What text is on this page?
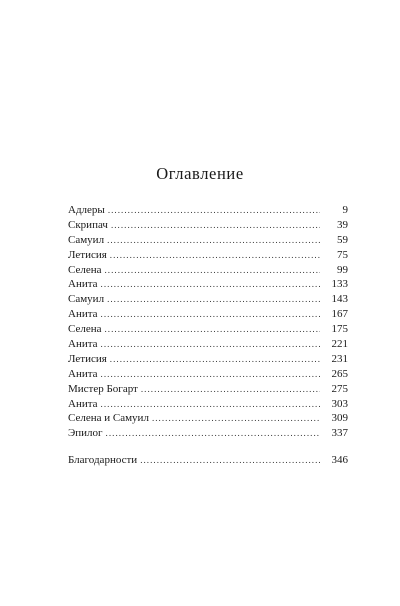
Оглавление
Адлеры . . .	9
Скрипач . . .	39
Самуил . . .	59
Летисия . . .	75
Селена . . .	99
Анита . . .	133
Самуил . . .	143
Анита . . .	167
Селена . . .	175
Анита . . .	221
Летисия . . .	231
Анита . . .	265
Мистер Богарт . . .	275
Анита . . .	303
Селена и Самуил . . .	309
Эпилог . . .	337
Благодарности . . .	346
